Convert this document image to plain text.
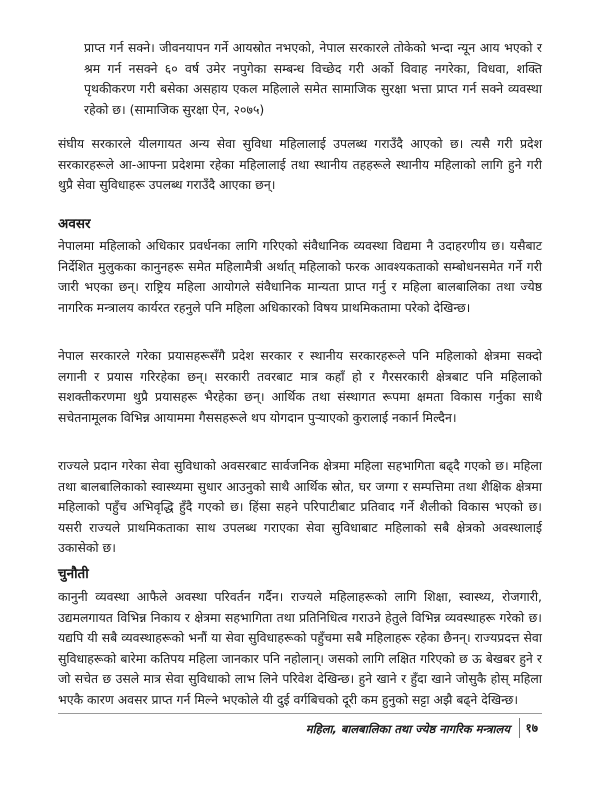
प्राप्त गर्न सक्ने। जीवनयापन गर्ने आयस्रोत नभएको, नेपाल सरकारले तोकेको भन्दा न्यून आय भएको र श्रम गर्न नसक्ने ६० वर्ष उमेर नपुगेका सम्बन्ध विच्छेद गरी अर्को विवाह नगरेका, विधवा, शक्ति पृथकीकरण गरी बसेका असहाय एकल महिलाले समेत सामाजिक सुरक्षा भत्ता प्राप्त गर्न सक्ने व्यवस्था रहेको छ। (सामाजिक सुरक्षा ऐन, २०७५)

संघीय सरकारले यीलगायत अन्य सेवा सुविधा महिलालाई उपलब्ध गराउँदै आएको छ। त्यसै गरी प्रदेश सरकारहरूले आ-आफ्ना प्रदेशमा रहेका महिलालाई तथा स्थानीय तहहरूले स्थानीय महिलाको लागि हुने गरी थुप्रै सेवा सुविधाहरू उपलब्ध गराउँदै आएका छन्।

अवसर

नेपालमा महिलाको अधिकार प्रवर्धनका लागि गरिएको संवैधानिक व्यवस्था विद्यमा नै उदाहरणीय छ। यसैबाट निर्देशित मुलुकका कानुनहरू समेत महिलामैत्री अर्थात् महिलाको फरक आवश्यकताको सम्बोधनसमेत गर्ने गरी जारी भएका छन्। राष्ट्रिय महिला आयोगले संवैधानिक मान्यता प्राप्त गर्नु र महिला बालबालिका तथा ज्येष्ठ नागरिक मन्त्रालय कार्यरत रहनुले पनि महिला अधिकारको विषय प्राथमिकतामा परेको देखिन्छ।

नेपाल सरकारले गरेका प्रयासहरूसँगै प्रदेश सरकार र स्थानीय सरकारहरूले पनि महिलाको क्षेत्रमा सक्दो लगानी र प्रयास गरिरहेका छन्। सरकारी तवरबाट मात्र कहाँ हो र गैरसरकारी क्षेत्रबाट पनि महिलाको सशक्तीकरणमा थुप्रै प्रयासहरू भैरहेका छन्। आर्थिक तथा संस्थागत रूपमा क्षमता विकास गर्नुका साथै सचेतनामूलक विभिन्न आयाममा गैससहरूले थप योगदान पुर्‍याएको कुरालाई नकार्न मिल्दैन।

राज्यले प्रदान गरेका सेवा सुविधाको अवसरबाट सार्वजनिक क्षेत्रमा महिला सहभागिता बढ्दै गएको छ। महिला तथा बालबालिकाको स्वास्थ्यमा सुधार आउनुको साथै आर्थिक स्रोत, घर जग्गा र सम्पत्तिमा तथा शैक्षिक क्षेत्रमा महिलाको पहुँच अभिवृद्धि हुँदै गएको छ। हिंसा सहने परिपाटीबाट प्रतिवाद गर्ने शैलीको विकास भएको छ। यसरी राज्यले प्राथमिकताका साथ उपलब्ध गराएका सेवा सुविधाबाट महिलाको सबै क्षेत्रको अवस्थालाई उकासेको छ।

चुनौती

कानुनी व्यवस्था आफैले अवस्था परिवर्तन गर्दैन। राज्यले महिलाहरूको लागि शिक्षा, स्वास्थ्य, रोजगारी, उद्यमलगायत विभिन्न निकाय र क्षेत्रमा सहभागिता तथा प्रतिनिधित्व गराउने हेतुले विभिन्न व्यवस्थाहरू गरेको छ। यद्यपि यी सबै व्यवस्थाहरूको भनौं या सेवा सुविधाहरूको पहुँचमा सबै महिलाहरू रहेका छैनन्। राज्यप्रदत्त सेवा सुविधाहरूको बारेमा कतिपय महिला जानकार पनि नहोलान्। जसको लागि लक्षित गरिएको छ ऊ बेखबर हुने र जो सचेत छ उसले मात्र सेवा सुविधाको लाभ लिने परिवेश देखिन्छ। हुने खाने र हुँदा खाने जोसुकै होस् महिला भएकै कारण अवसर प्राप्त गर्न मिल्ने भएकोले यी दुई वर्गबिचको दूरी कम हुनुको सट्टा अझै बढ्ने देखिन्छ।

महिला, बालबालिका तथा ज्येष्ठ नागरिक मन्त्रालय १७
